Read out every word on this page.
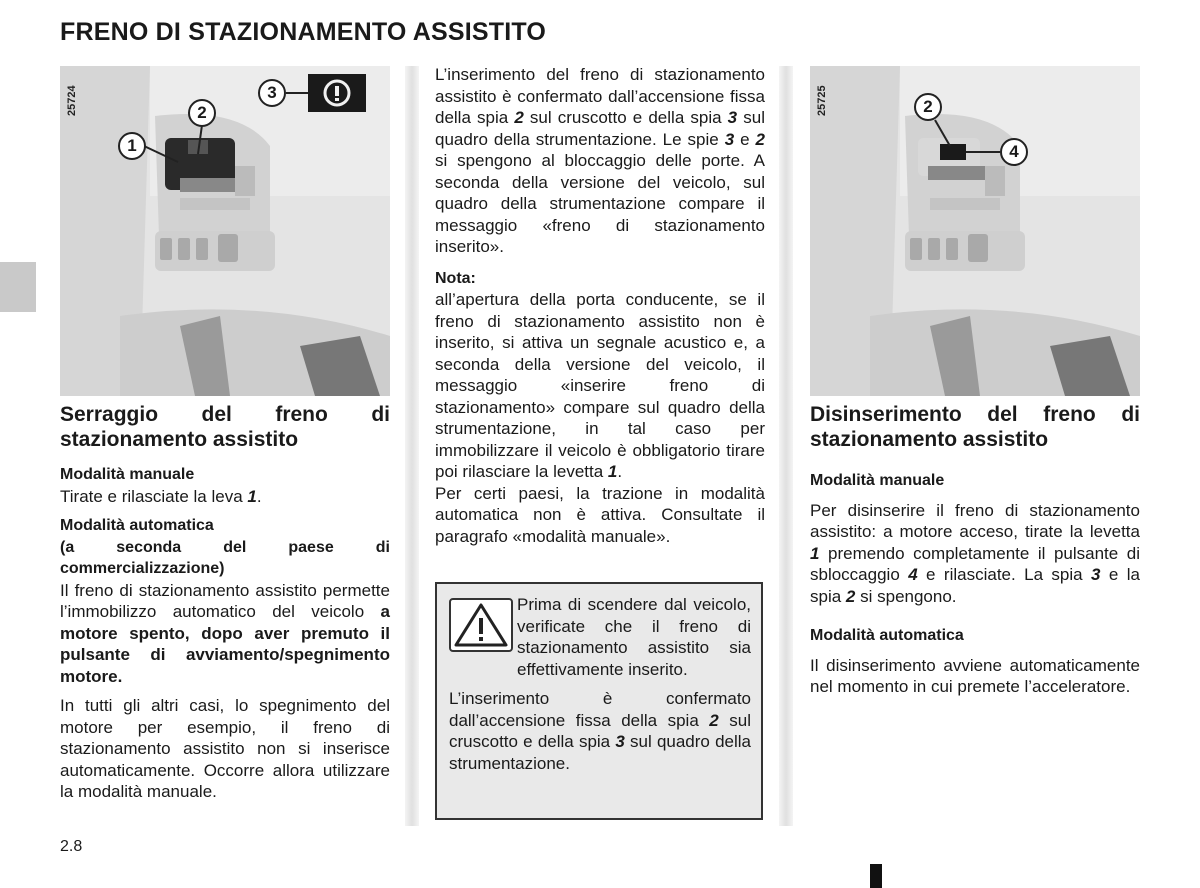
FRENO DI STAZIONAMENTO ASSISTITO
25724	3
2
1
Serraggio del freno di stazionamento assistito
Modalità manuale

Tirate e rilasciate la leva 1.

Modalità automatica
(a seconda del paese di commercializzazione)

Il freno di stazionamento assistito permette l’immobilizzo automatico del veicolo a motore spento, dopo aver premuto il pulsante di avviamento/spegnimento motore.

In tutti gli altri casi, lo spegnimento del motore per esempio, il freno di stazionamento assistito non si inserisce automaticamente. Occorre allora utilizzare la modalità manuale.

L’inserimento del freno di stazionamento assistito è confermato dall’accensione fissa della spia 2 sul cruscotto e della spia 3 sul quadro della strumentazione. Le spie 3 e 2 si spengono al bloccaggio delle porte. A seconda della versione del veicolo, sul quadro della strumentazione compare il messaggio «freno di stazionamento inserito».

Nota:

all’apertura della porta conducente, se il freno di stazionamento assistito non è inserito, si attiva un segnale acustico e, a seconda della versione del veicolo, il messaggio «inserire freno di stazionamento» compare sul quadro della strumentazione, in tal caso per immobilizzare il veicolo è obbligatorio tirare poi rilasciare la levetta 1.

Per certi paesi, la trazione in modalità automatica non è attiva. Consultate il paragrafo «modalità manuale».

Prima di scendere dal veicolo, verificate che il freno di stazionamento assistito sia effettivamente inserito.
L’inserimento è confermato dall’accensione fissa della spia 2 sul cruscotto e della spia 3 sul quadro della strumentazione.
25725	2
4
Disinserimento del freno di stazionamento assistito
Modalità manuale

Per disinserire il freno di stazionamento assistito: a motore acceso, tirate la levetta 1 premendo completamente il pulsante di sbloccaggio 4 e rilasciate. La spia 3 e la spia 2 si spengono.

Modalità automatica

Il disinserimento avviene automaticamente nel momento in cui premete l’acceleratore.

2.8
